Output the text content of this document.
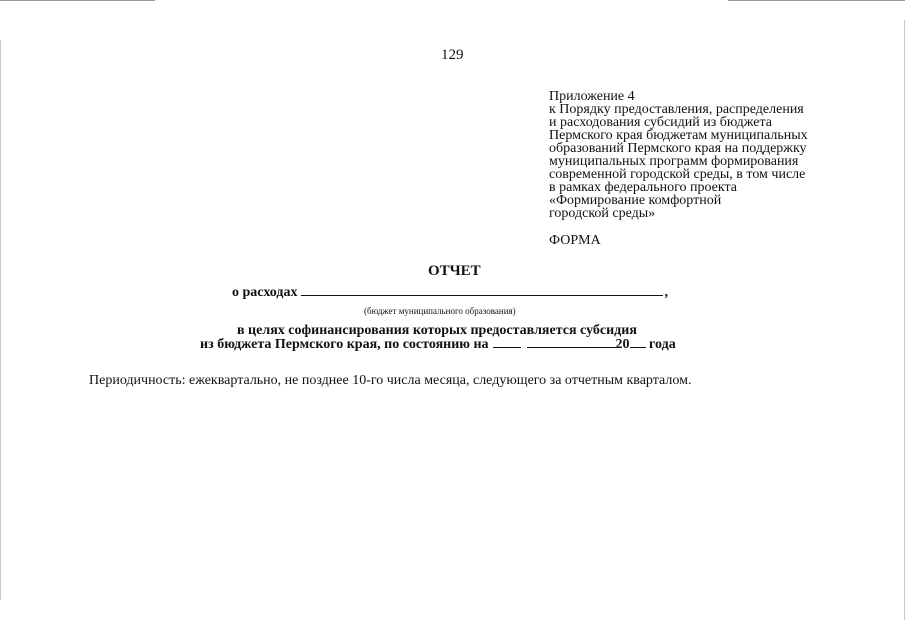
129
Приложение 4
к Порядку предоставления, распределения
и расходования субсидий из бюджета
Пермского края бюджетам муниципальных
образований Пермского края на поддержку
муниципальных программ формирования
современной городской среды, в том числе
в рамках федерального проекта
«Формирование комфортной
городской среды»
ФОРМА
ОТЧЕТ
о расходах	,
(бюджет муниципального образования)
в целях софинансирования которых предоставляется субсидия
из бюджета Пермского края, по состоянию на	20 года
Периодичность: ежеквартально, не позднее 10-го числа месяца, следующего за отчетным кварталом.
